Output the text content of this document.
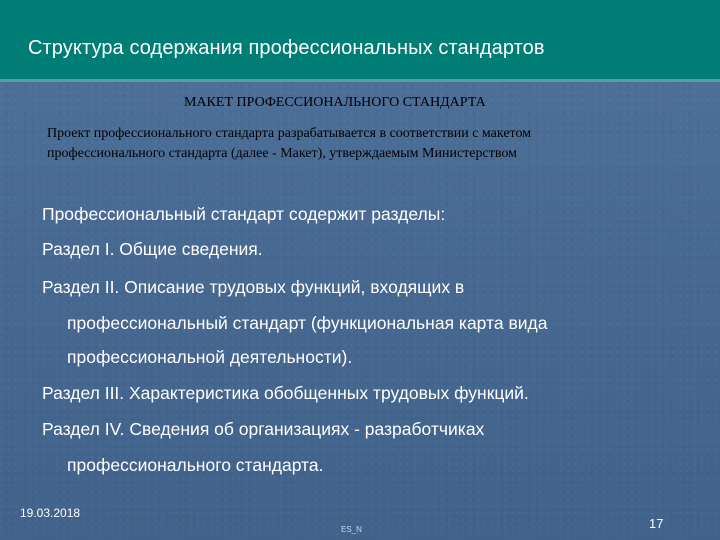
Структура содержания профессиональных стандартов
МАКЕТ ПРОФЕССИОНАЛЬНОГО СТАНДАРТА
Проект профессионального стандарта разрабатывается в соответствии с макетом
профессионального стандарта (далее - Макет), утверждаемым Министерством
Профессиональный стандарт содержит разделы:
Раздел I. Общие сведения.
Раздел II. Описание трудовых функций, входящих в
профессиональный стандарт (функциональная карта вида
профессиональной деятельности).
Раздел III. Характеристика обобщенных трудовых функций.
Раздел IV. Сведения об организациях - разработчиках
профессионального стандарта.
19.03.2018
ES_N	17
